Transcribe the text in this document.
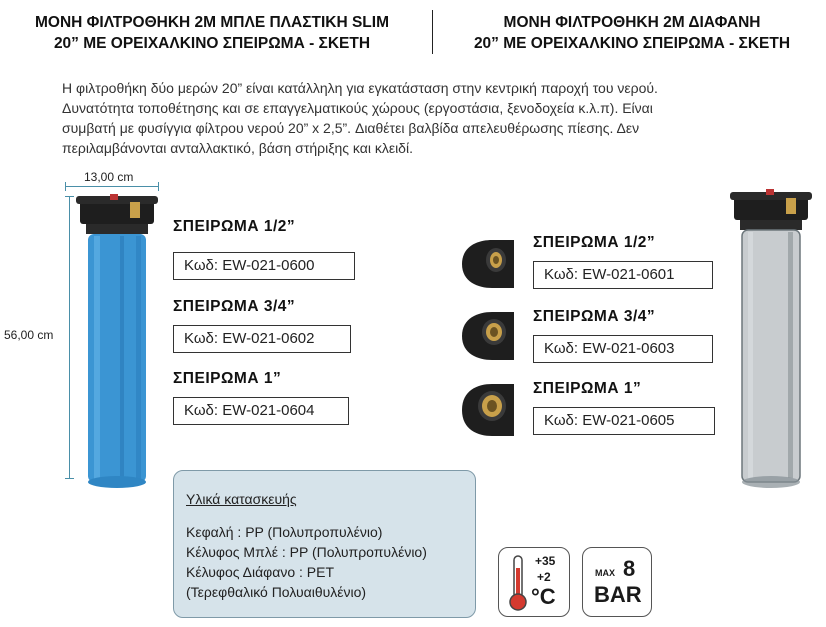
ΜΟΝΗ ΦΙΛΤΡΟΘΗΚΗ 2Μ ΜΠΛΕ ΠΛΑΣΤΙΚΗ SLIM
20” ΜΕ ΟΡΕΙΧΑΛΚΙΝΟ ΣΠΕΙΡΩΜΑ - ΣΚΕΤΗ
ΜΟΝΗ ΦΙΛΤΡΟΘΗΚΗ 2Μ ΔΙΑΦΑΝΗ
20” ΜΕ ΟΡΕΙΧΑΛΚΙΝΟ ΣΠΕΙΡΩΜΑ - ΣΚΕΤΗ
Η φιλτροθήκη δύο μερών 20” είναι κατάλληλη για εγκατάσταση στην κεντρική παροχή του νερού.
Δυνατότητα τοποθέτησης και σε επαγγελματικούς χώρους (εργοστάσια, ξενοδοχεία κ.λ.π). Είναι
συμβατή με φυσίγγια φίλτρου νερού 20” x 2,5”. Διαθέτει βαλβίδα απελευθέρωσης πίεσης. Δεν
περιλαμβάνονται ανταλλακτικό, βάση στήριξης και κλειδί.
13,00 cm
56,00 cm
ΣΠΕΙΡΩΜΑ 1/2”
Κωδ: EW-021-0600
ΣΠΕΙΡΩΜΑ 3/4”
Κωδ: EW-021-0602
ΣΠΕΙΡΩΜΑ 1”
Κωδ: EW-021-0604
ΣΠΕΙΡΩΜΑ 1/2”
Κωδ: EW-021-0601
ΣΠΕΙΡΩΜΑ 3/4”
Κωδ: EW-021-0603
ΣΠΕΙΡΩΜΑ 1”
Κωδ: EW-021-0605
Υλικά κατασκευής
Κεφαλή : PP (Πολυπροπυλένιο)
Κέλυφος Μπλέ : PP (Πολυπροπυλένιο)
Κέλυφος Διάφανο : PET
(Τερεφθαλικό Πολυαιθυλένιο)
+35
+2
°C
MAX 8
BAR
